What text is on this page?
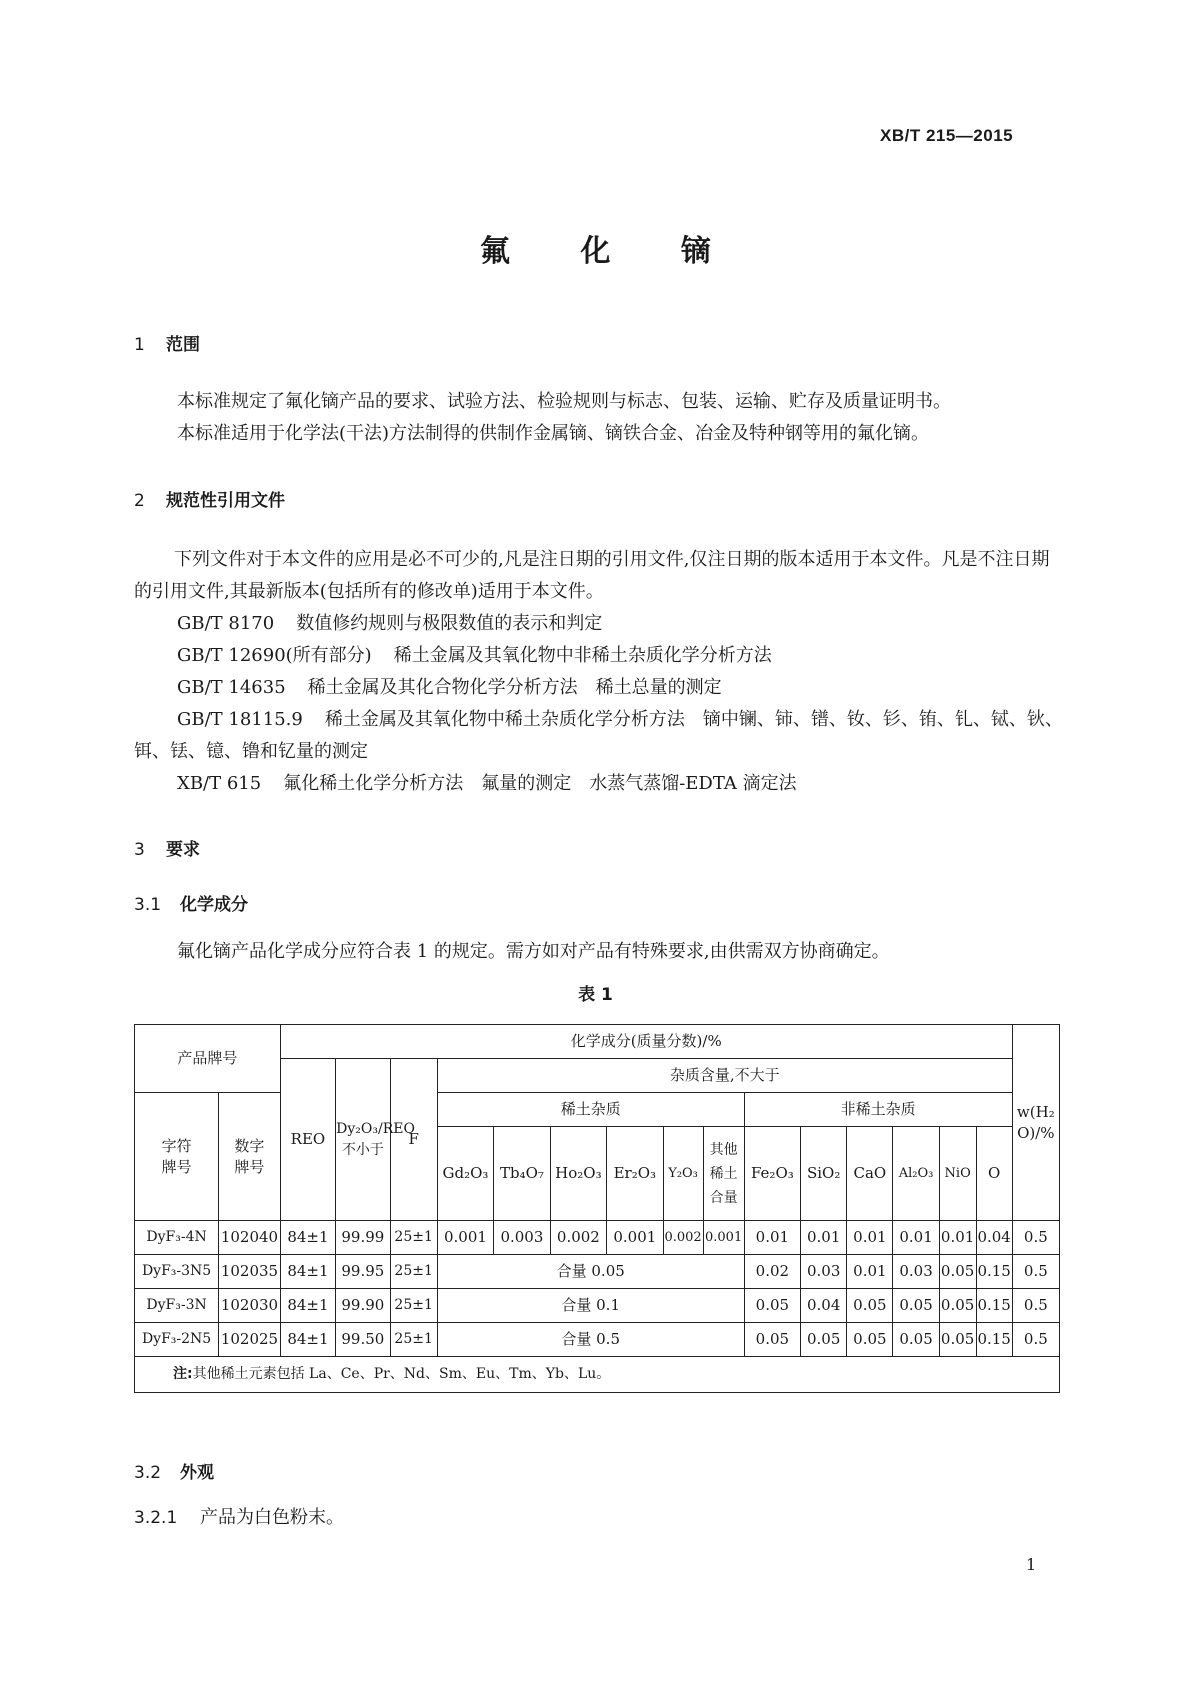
XB/T 215—2015
氟 化 镝
1 范围
本标准规定了氟化镝产品的要求、试验方法、检验规则与标志、包装、运输、贮存及质量证明书。
本标准适用于化学法(干法)方法制得的供制作金属镝、镝铁合金、冶金及特种钢等用的氟化镝。
2 规范性引用文件
下列文件对于本文件的应用是必不可少的,凡是注日期的引用文件,仅注日期的版本适用于本文件。凡是不注日期的引用文件,其最新版本(包括所有的修改单)适用于本文件。
GB/T 8170 数值修约规则与极限数值的表示和判定
GB/T 12690(所有部分) 稀土金属及其氧化物中非稀土杂质化学分析方法
GB/T 14635 稀土金属及其化合物化学分析方法　稀土总量的测定
GB/T 18115.9 稀土金属及其氧化物中稀土杂质化学分析方法　镝中镧、铈、镨、钕、钐、铕、钆、铽、钬、铒、铥、镱、镥和钇量的测定
XB/T 615 氟化稀土化学分析方法　氟量的测定　水蒸气蒸馏-EDTA 滴定法
3 要求
3.1 化学成分
氟化镝产品化学成分应符合表 1 的规定。需方如对产品有特殊要求,由供需双方协商确定。
表 1
产品牌号		化学成分(质量分数)/%															w(H₂O)/%

		REO	Dy₂O₃/REO不小于	F	杂质含量,不大于												

字符牌号	数字牌号				稀土杂质						非稀土杂质						
					Gd₂O₃	Tb₄O₇	Ho₂O₃	Er₂O₃	Y₂O₃	其他稀土合量	Fe₂O₃	SiO₂	CaO	Al₂O₃	NiO	O	
DyF₃-4N	102040	84±1	99.99	25±1	0.001	0.003	0.002	0.001	0.002	0.001	0.01	0.01	0.01	0.01	0.01	0.04	0.5
DyF₃-3N5	102035	84±1	99.95	25±1	合量 0.05						0.02	0.03	0.01	0.03	0.05	0.15	0.5
DyF₃-3N	102030	84±1	99.90	25±1	合量 0.1						0.05	0.04	0.05	0.05	0.05	0.15	0.5
DyF₃-2N5	102025	84±1	99.50	25±1	合量 0.5						0.05	0.05	0.05	0.05	0.05	0.15	0.5
注:其他稀土元素包括 La、Ce、Pr、Nd、Sm、Eu、Tm、Yb、Lu。																	
3.2 外观
3.2.1 产品为白色粉末。
1
